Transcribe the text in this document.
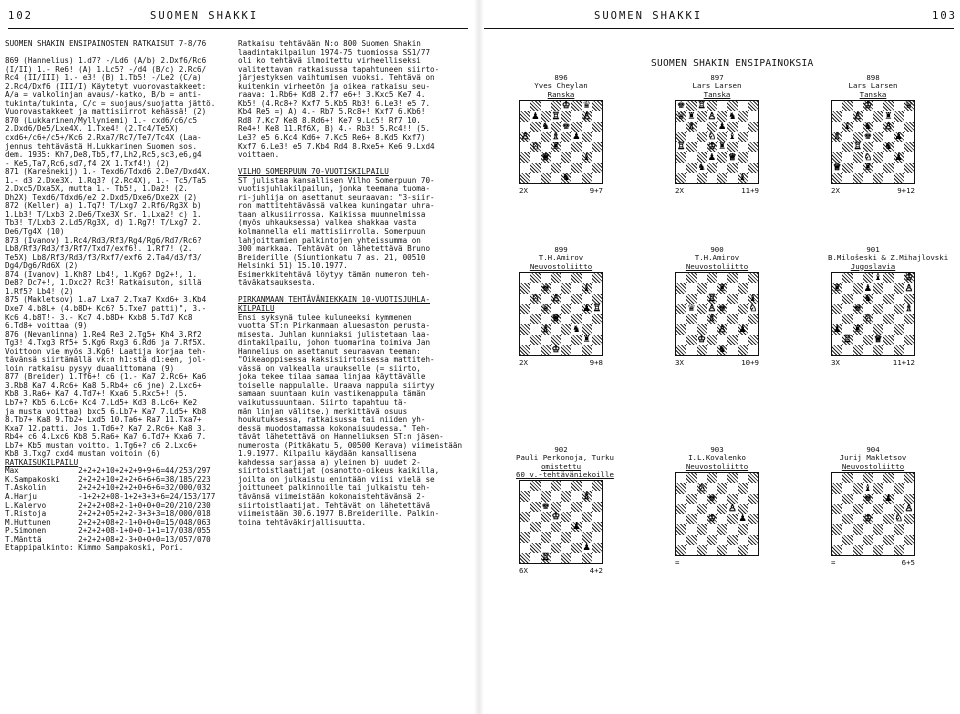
102	SUOMEN SHAKKI
SUOMEN SHAKIN ENSIPAINOSTEN RATKAISUT 7-8/76
869 (Hannelius) 1.d7? -/Ld6 (A/b) 2.Dxf6/Rc6
(I/II) 1.- Re6! (A) 1.Lc5? -/d4 (B/c) 2.Rc6/
Rc4 (II/III) 1.- e3! (B) 1.Tb5! -/Le2 (C/a)
2.Rc4/Dxf6 (III/I) Käytetyt vuorovastakkeet:
A/a = valkolinjan avaus/-katko, B/b = anti-
tukinta/tukinta, C/c = suojaus/suojatta jättö.
Vuorovastakkeet ja mattisiirrot kehässä! (2)
870 (Lukkarinen/Myllyniemi) 1.- cxd6/c6/c5
2.Dxd6/De5/Lxe4X. 1.Txe4! (2.Tc4/Te5X)
cxd6+/c6+/c5+/Kc6 2.Rxa7/Rc7/Te7/Tc4X (Laa-
jennus tehtävästä H.Lukkarinen Suomen sos.
dem. 1935: Kh7,De8,Tb5,f7,Lh2,Rc5,sc3,e6,g4
- Ke5,Ta7,Rc6,sd7,f4 2X 1.Txf4!) (2)
871 (Karešnekij) 1.- Texd6/Tdxd6 2.De7/Dxd4X.
1.- d3 2.Dxe3X. 1.Rq3? (2.Rc4X), 1.- Tc5/Ta5
2.Dxc5/Dxa5X, mutta 1.- Tb5!, 1.Da2! (2.
Dh2X) Texd6/Tdxd6/e2 2.Dxd5/Dxe6/Dxe2X (2)
872 (Keller) a) 1.Tq7! T/Lxg7 2.Rf6/Rg3X b)
1.Lb3! T/Lxb3 2.De6/Txe3X Sr. 1.Lxa2! c) 1.
Tb3! T/Lxb3 2.Ld5/Rg3X, d) 1.Rg7! T/Lxg7 2.
De6/Tg4X (10)
873 (Ivanov) 1.Rc4/Rd3/Rf3/Rg4/Rg6/Rd7/Rc6?
Lb8/Rf3/Rd3/f3/Rf7/Txd7/exf6!. 1.Rf7! (2.
Te5X) Lb8/Rf3/Rd3/f3/Rxf7/exf6 2.Ta4/d3/f3/
Dg4/Dg6/Rd6X (2)
874 (Ivanov) 1.Kh8? Lb4!, 1.Kg6? Dg2+!, 1.
De8? Dc7+!, 1.Dxc2? Rc3! Ratkaisuton, sillä
1.Rf5? Lb4! (2)
875 (Makletsov) 1.a7 Lxa7 2.Txa7 Kxd6+ 3.Kb4
Dxe7 4.b8L+ (4.b8D+ Kc6? 5.Txe7 patti)", 3.-
Kc6 4.b8T!- 3.- Kc7 4.b8D+ Kxb8 5.Td7 Kc8
6.Td8+ voittaa (9)
876 (Nevanlinna) 1.Re4 Re3 2.Tg5+ Kh4 3.Rf2
Tg3! 4.Txg3 Rf5+ 5.Kg6 Rxg3 6.Rd6 ja 7.Rf5X.
Voittoon vie myös 3.Kg6! Laatija korjaa teh-
tävänsä siirtämällä vk:n h1:stä d1:een, jol-
loin ratkaisu pysyy duaalittomana (9)
877 (Breider) 1.Tf6+! c6 (1.- Ka7 2.Rc6+ Ka6
3.Rb8 Ka7 4.Rc6+ Ka8 5.Rb4+ c6 jne) 2.Lxc6+
Kb8 3.Ra6+ Ka7 4.Td7+! Kxa6 5.Rxc5+! (5.
Lb7+? Kb5 6.Lc6+ Kc4 7.Ld5+ Kd3 8.Lc6+ Ke2
ja musta voittaa) bxc5 6.Lb7+ Ka7 7.Ld5+ Kb8
8.Tb7+ Ka8 9.Tb2+ Lxd5 10.Ta6+ Ra7 11.Txa7+
Kxa7 12.patti. Jos 1.Td6+? Ka7 2.Rc6+ Ka8 3.
Rb4+ c6 4.Lxc6 Kb8 5.Ra6+ Ka7 6.Td7+ Kxa6 7.
Lb7+ Kb5 mustan voitto. 1.Tg6+? c6 2.Lxc6+
Kb8 3.Txg7 cxd4 mustan voitoin (6)
RATKAISUKILPAILU
Max             2+2+2+10+2+2+9+9+6=44/253/297
K.Sampakoski    2+2+2+10+2+2+6+6+6=38/185/223
T.Askolin       2+2+2+10+2+2+0+6+6=32/000/032
A.Harju         -1+2+2+08-1+2+3+3+6=24/153/177
L.Kalervo       2+2+2+08+2-1+0+0+0=20/210/230
T.Ristoja       2+2+2+05+2+2-3+3+3=18/000/018
M.Huttunen      2+2+2+08+2-1+0+0+0=15/048/063
P.Simonen       2+2+2+08-1+0+0-1+1=17/038/055
T.Mänttä        2+2+2+08+2-3+0+0+0=13/057/070
Etappipalkinto: Kimmo Sampakoski, Pori.
Ratkaisu tehtävään N:o 800 Suomen Shakin
laadintakilpailun 1974-75 tuomiossa SS1/77
oli ko tehtävä ilmoitettu virheelliseksi
valitettavan ratkaisussa tapahtuneen siirto-
järjestyksen vaihtumisen vuoksi. Tehtävä on
kuitenkin virheetön ja oikea ratkaisu seu-
raava: 1.Rb6+ Kd8 2.f7 e6+! 3.Kxc5 Ke7 4.
Kb5! (4.Rc8+? Kxf7 5.Kb5 Rb3! 6.Le3! e5 7.
Kb4 Re5 =) A) 4.- Rb7 5.Rc8+! Kxf7 6.Kb6!
Rd8 7.Kc7 Ke8 8.Rd6+! Ke7 9.Lc5! Rf7 10.
Re4+! Ke8 11.Rf6X, B) 4.- Rb3! 5.Rc4!! (5.
Le3? e5 6.Kc4 Kd6+ 7.Kc5 Re6+ 8.Kd5 Kxf7)
Kxf7 6.Le3! e5 7.Kb4 Rd4 8.Rxe5+ Ke6 9.Lxd4
voittaen.
VILHO SOMERPUUN 70-VUOTISKILPAILU
ST julistaa kansallisen Vilho Somerpuun 70-
vuotisjuhlakilpailun, jonka teemana tuoma-
ri-juhlija on asettanut seuraavan: "3-siir-
ron mattitehtävässä valkea kuningatar uhra-
taan alkusiirrossa. Kaikissa muunnelmissa
(myös uhkauksessa) valkea shakkaa vasta
kolmannella eli mattisiirrolla. Somerpuun
lahjoittamien palkintojen yhteissumma on
300 markkaa. Tehtävät on lähetettävä Bruno
Breiderille (Siuntionkatu 7 as. 21, 00510
Helsinki 51) 15.10.1977.
Esimerkkitehtävä löytyy tämän numeron teh-
täväkatsauksesta.
PIRKANMAAN TEHTÄVÄNIEKKAIN 10-VUOTISJUHLA-
KILPAILU
Ensi syksynä tulee kuluneeksi kymmenen
vuotta ST:n Pirkanmaan aluesaston perusta-
misesta. Juhlan kunniaksi julistetaan laa-
dintakilpailu, johon tuomarina toimiva Jan
Hannelius on asettanut seuraavan teeman:
"Oikeaoppisessa kaksisiirtoisessa mattiteh-
vässä on valkealla uraukselle (= siirto,
joka tekee tilaa samaa linjaa käyttävälle
toiselle nappulalle. Uraava nappula siirtyy
samaan suuntaan kuin vastikenappula tämän
vaikutussuuntaan. Siirto tapahtuu tä-
män linjan välitse.) merkittävä osuus
houkutuksessa, ratkaisussa tai niiden yh-
dessä muodostamassa kokonaisuudessa." Teh-
tävät lähetettävä on Hanneliuksen ST:n jäsen-
numerosta (Pitkäkatu 5, 00500 Kerava) viimeistään
1.9.1977. Kilpailu käydään kansallisena
kahdessa sarjassa a) yleinen b) uudet 2-
siirtoistlaatijat (osanotto-oikeus kaikilla,
joilta on julkaistu enintään viisi vielä se
joittuneet palkinnoille tai julkaistu teh-
tävänsä viimeistään kokonaistehtävänsä 2-
siirtoistlaatijat. Tehtävät on lähetettävä
viimeistään 30.6.1977 B.Breiderille. Palkin-
toina tehtäväkirjallisuutta.
SUOMEN SHAKKI	103
SUOMEN SHAKIN ENSIPAINOKSIA
896
Yves Cheylan
Ranska
♔ ♛
♟ ♖ ♙
♞ ♚
♙ ♗ ♟
♘ ♜
♕	♝
♞
2X	9+7
897
Lars Larsen
Tanska
♚ ♖
♛ ♜ ♙ ♞
♗ ♟
♘ ♝
♖ ♔ ♜
♟ ♕
♞
♝
2X	11+9
898
Lars Larsen
Tanska
♔	♛
♙ ♜
♝ ♞ ♙
♗ ♚ ♟
♖ ♞
♘ ♟
♕ ♜
2X	9+12
899
T.H.Amirov
Neuvostoliitto
♚	♝
♘ ♙
♛	♟ ♖
♕
♗ ♞
♜
♔
2X	9+8
900
T.H.Amirov
Neuvostoliitto
♜
♖	♝
♛ ♙ ♚ ♘
♗
♙ ♟
♔
♞
3X	10+9
901
B.Milošeski & Z.Mihajlovski
Jugoslavia
♝ ♔
♜ ♟	♙
♞
♚	♗
♘
♟ ♜
♖ ♕
3X	11+12
902
Pauli Perkonoja, Turku
omistettu
60 v.-tehtäväniekoille
♗
♚
♔
♟
♟
♖
6X	4+2
903
I.L.Kovalenko
Neuvostoliitto
♘
♚
♙
♔ ♟
=
904
Jurij Makletsov
Neuvostoliitto
♝
♚ ♟
♙
♔ ♘
=	6+5
